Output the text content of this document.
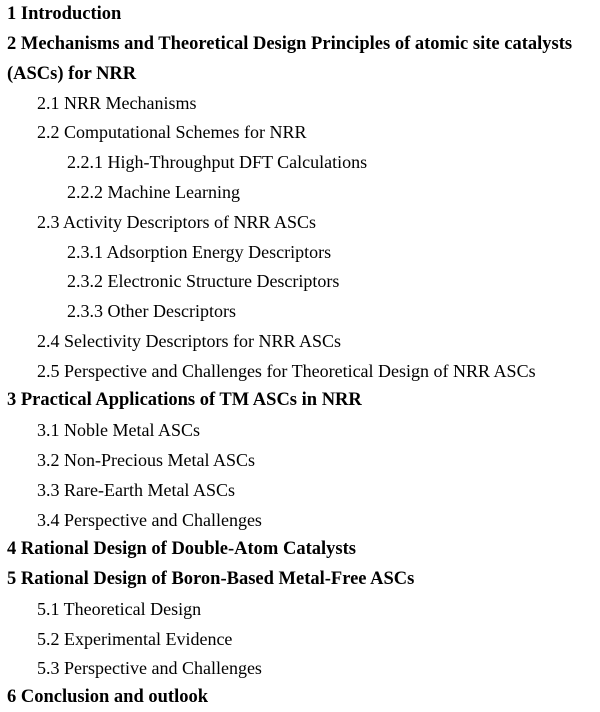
1 Introduction
2 Mechanisms and Theoretical Design Principles of atomic site catalysts (ASCs) for NRR
2.1 NRR Mechanisms
2.2 Computational Schemes for NRR
2.2.1 High-Throughput DFT Calculations
2.2.2 Machine Learning
2.3 Activity Descriptors of NRR ASCs
2.3.1 Adsorption Energy Descriptors
2.3.2 Electronic Structure Descriptors
2.3.3 Other Descriptors
2.4 Selectivity Descriptors for NRR ASCs
2.5 Perspective and Challenges for Theoretical Design of NRR ASCs
3 Practical Applications of TM ASCs in NRR
3.1 Noble Metal ASCs
3.2 Non-Precious Metal ASCs
3.3 Rare-Earth Metal ASCs
3.4 Perspective and Challenges
4 Rational Design of Double-Atom Catalysts
5 Rational Design of Boron-Based Metal-Free ASCs
5.1 Theoretical Design
5.2 Experimental Evidence
5.3 Perspective and Challenges
6 Conclusion and outlook
